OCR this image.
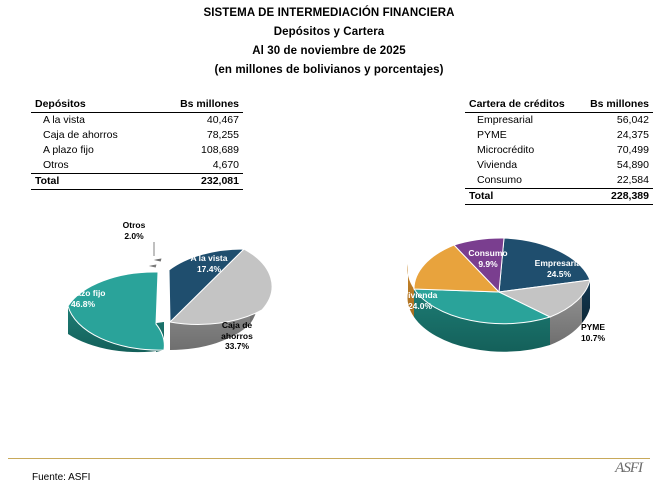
SISTEMA DE INTERMEDIACIÓN FINANCIERA
Depósitos y Cartera
Al 30 de noviembre de 2025
(en millones de bolivianos y porcentajes)
Depósitos	Bs millones
A la vista	40,467
Caja de ahorros	78,255
A plazo fijo	108,689
Otros	4,670
Total	232,081
Cartera de créditos	Bs millones
Empresarial	56,042
PYME	24,375
Microcrédito	70,499
Vivienda	54,890
Consumo	22,584
Total	228,389
Otros
2.0%
A la vista
17.4%
Caja de
ahorros
33.7%
A plazo fijo
46.8%
Empresarial
24.5%
PYME
10.7%
Microcrédito
30.9%
Vivienda
24.0%
Consumo
9.9%
Fuente: ASFI
ASFI
